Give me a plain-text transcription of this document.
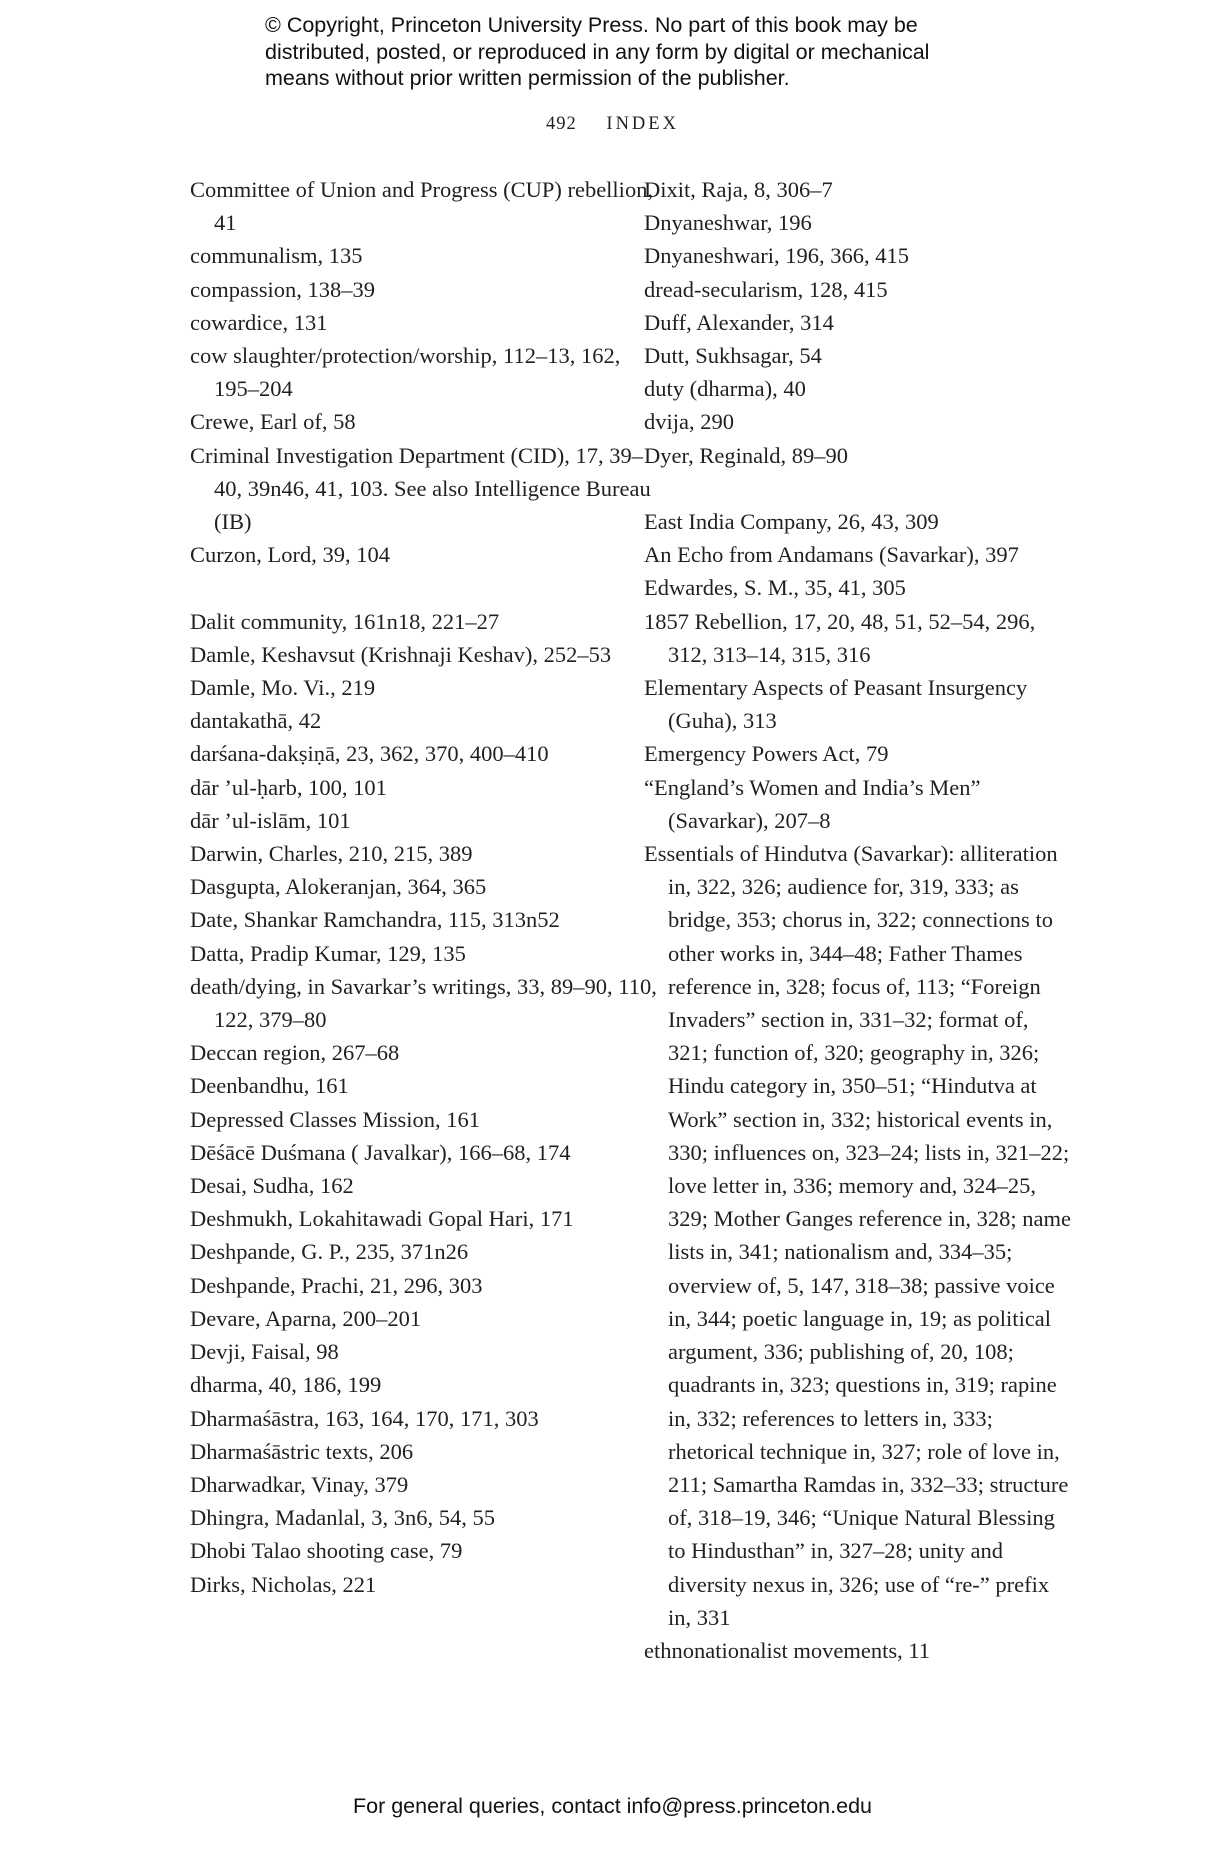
© Copyright, Princeton University Press. No part of this book may be
distributed, posted, or reproduced in any form by digital or mechanical
means without prior written permission of the publisher.
492 INDEX
Committee of Union and Progress (CUP) rebellion, 41
communalism, 135
compassion, 138–39
cowardice, 131
cow slaughter/protection/worship, 112–13, 162, 195–204
Crewe, Earl of, 58
Criminal Investigation Department (CID), 17, 39–40, 39n46, 41, 103. See also Intelligence Bureau (IB)
Curzon, Lord, 39, 104
Dalit community, 161n18, 221–27
Damle, Keshavsut (Krishnaji Keshav), 252–53
Damle, Mo. Vi., 219
dantakathā, 42
darśana-dakṣiṇā, 23, 362, 370, 400–410
dār ’ul-ḥarb, 100, 101
dār ’ul-islām, 101
Darwin, Charles, 210, 215, 389
Dasgupta, Alokeranjan, 364, 365
Date, Shankar Ramchandra, 115, 313n52
Datta, Pradip Kumar, 129, 135
death/dying, in Savarkar’s writings, 33, 89–90, 110, 122, 379–80
Deccan region, 267–68
Deenbandhu, 161
Depressed Classes Mission, 161
Dēśācē Duśmana ( Javalkar), 166–68, 174
Desai, Sudha, 162
Deshmukh, Lokahitawadi Gopal Hari, 171
Deshpande, G. P., 235, 371n26
Deshpande, Prachi, 21, 296, 303
Devare, Aparna, 200–201
Devji, Faisal, 98
dharma, 40, 186, 199
Dharmaśāstra, 163, 164, 170, 171, 303
Dharmaśāstric texts, 206
Dharwadkar, Vinay, 379
Dhingra, Madanlal, 3, 3n6, 54, 55
Dhobi Talao shooting case, 79
Dirks, Nicholas, 221
Dixit, Raja, 8, 306–7
Dnyaneshwar, 196
Dnyaneshwari, 196, 366, 415
dread-secularism, 128, 415
Duff, Alexander, 314
Dutt, Sukhsagar, 54
duty (dharma), 40
dvija, 290
Dyer, Reginald, 89–90
East India Company, 26, 43, 309
An Echo from Andamans (Savarkar), 397
Edwardes, S. M., 35, 41, 305
1857 Rebellion, 17, 20, 48, 51, 52–54, 296, 312, 313–14, 315, 316
Elementary Aspects of Peasant Insurgency (Guha), 313
Emergency Powers Act, 79
“England’s Women and India’s Men” (Savarkar), 207–8
Essentials of Hindutva (Savarkar): alliteration in, 322, 326; audience for, 319, 333; as bridge, 353; chorus in, 322; connections to other works in, 344–48; Father Thames reference in, 328; focus of, 113; “Foreign Invaders” section in, 331–32; format of, 321; function of, 320; geography in, 326; Hindu category in, 350–51; “Hindutva at Work” section in, 332; historical events in, 330; influences on, 323–24; lists in, 321–22; love letter in, 336; memory and, 324–25, 329; Mother Ganges reference in, 328; name lists in, 341; nationalism and, 334–35; overview of, 5, 147, 318–38; passive voice in, 344; poetic language in, 19; as political argument, 336; publishing of, 20, 108; quadrants in, 323; questions in, 319; rapine in, 332; references to letters in, 333; rhetorical technique in, 327; role of love in, 211; Samartha Ramdas in, 332–33; structure of, 318–19, 346; “Unique Natural Blessing to Hindusthan” in, 327–28; unity and diversity nexus in, 326; use of “re-” prefix in, 331
ethnonationalist movements, 11
For general queries, contact info@press.princeton.edu
